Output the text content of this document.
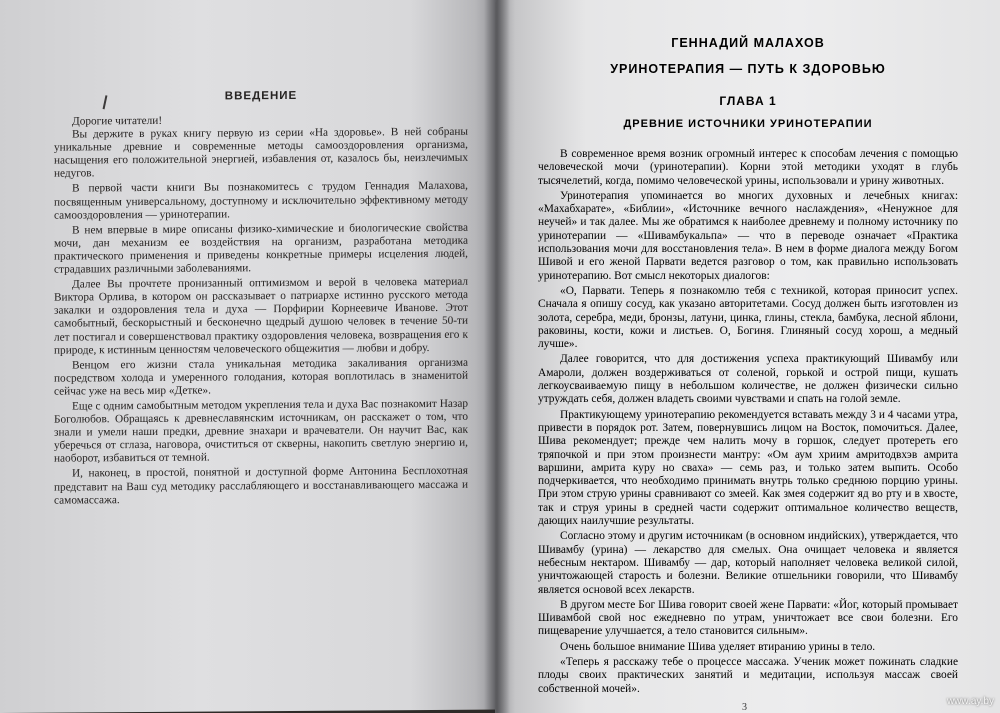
ВВЕДЕНИЕ

Дорогие читатели!

Вы держите в руках книгу первую из серии «На здоровье». В ней собраны уникальные древние и современные методы самооздоровления организма, насыщения его положительной энергией, избавления от, казалось бы, неизлечимых недугов.

В первой части книги Вы познакомитесь с трудом Геннадия Малахова, посвященным универсальному, доступному и исключительно эффективному методу самооздоровления — уринотерапии.

В нем впервые в мире описаны физико-химические и биологические свойства мочи, дан механизм ее воздействия на организм, разработана методика практического применения и приведены конкретные примеры исцеления людей, страдавших различными заболеваниями.

Далее Вы прочтете пронизанный оптимизмом и верой в человека материал Виктора Орлива, в котором он рассказывает о патриархе истинно русского метода закалки и оздоровления тела и духа — Порфирии Корнеевиче Иванове. Этот самобытный, бескорыстный и бесконечно щедрый душою человек в течение 50-ти лет постигал и совершенствовал практику оздоровления человека, возвращения его к природе, к истинным ценностям человеческого общежития — любви и добру.

Венцом его жизни стала уникальная методика закаливания организма посредством холода и умеренного голодания, которая воплотилась в знаменитой сейчас уже на весь мир «Детке».

Еще с одним самобытным методом укрепления тела и духа Вас познакомит Назар Боголюбов. Обращаясь к древнеславянским источникам, он расскажет о том, что знали и умели наши предки, древние знахари и врачеватели. Он научит Вас, как уберечься от сглаза, наговора, очиститься от скверны, накопить светлую энергию и, наоборот, избавиться от темной.

И, наконец, в простой, понятной и доступной форме Антонина Бесплохотная представит на Ваш суд методику расслабляющего и восстанавливающего массажа и самомассажа.

ГЕННАДИЙ МАЛАХОВ

УРИНОТЕРАПИЯ — ПУТЬ К ЗДОРОВЬЮ

ГЛАВА 1

ДРЕВНИЕ ИСТОЧНИКИ УРИНОТЕРАПИИ

В современное время возник огромный интерес к способам лечения с помощью человеческой мочи (уринотерапии). Корни этой методики уходят в глубь тысячелетий, когда, помимо человеческой урины, использовали и урину животных.

Уринотерапия упоминается во многих духовных и лечебных книгах: «Махабхарате», «Библии», «Источнике вечного наслаждения», «Ненужное для неучей» и так далее. Мы же обратимся к наиболее древнему и полному источнику по уринотерапии — «Шивамбукальпа» — что в переводе означает «Практика использования мочи для восстановления тела». В нем в форме диалога между Богом Шивой и его женой Парвати ведется разговор о том, как правильно использовать уринотерапию. Вот смысл некоторых диалогов:

«О, Парвати. Теперь я познакомлю тебя с техникой, которая приносит успех. Сначала я опишу сосуд, как указано авторитетами. Сосуд должен быть изготовлен из золота, серебра, меди, бронзы, латуни, цинка, глины, стекла, бамбука, лесной яблони, раковины, кости, кожи и листьев. О, Богиня. Глиняный сосуд хорош, а медный лучше».

Далее говорится, что для достижения успеха практикующий Шивамбу или Амароли, должен воздерживаться от соленой, горькой и острой пищи, кушать легкоусваиваемую пищу в небольшом количестве, не должен физически сильно утруждать себя, должен владеть своими чувствами и спать на голой земле.

Практикующему уринотерапию рекомендуется вставать между 3 и 4 часами утра, привести в порядок рот. Затем, повернувшись лицом на Восток, помочиться. Далее, Шива рекомендует; прежде чем налить мочу в горшок, следует протереть его тряпочкой и при этом произнести мантру: «Ом аум хриим амритодвхэв амрита варшини, амрита куру но сваха» — семь раз, и только затем выпить. Особо подчеркивается, что необходимо принимать внутрь только среднюю порцию урины. При этом струю урины сравнивают со змеей. Как змея содержит яд во рту и в хвосте, так и струя урины в средней части содержит оптимальное количество веществ, дающих наилучшие результаты.

Согласно этому и другим источникам (в основном индийских), утверждается, что Шивамбу (урина) — лекарство для смелых. Она очищает человека и является небесным нектаром. Шивамбу — дар, который наполняет человека великой силой, уничтожающей старость и болезни. Великие отшельники говорили, что Шивамбу является основой всех лекарств.

В другом месте Бог Шива говорит своей жене Парвати: «Йог, который промывает Шивамбой свой нос ежедневно по утрам, уничтожает все свои болезни. Его пищеварение улучшается, а тело становится сильным».

Очень большое внимание Шива уделяет втиранию урины в тело.

«Теперь я расскажу тебе о процессе массажа. Ученик может пожинать сладкие плоды своих практических занятий и медитации, используя массаж своей собственной мочей».

3
www.ay.by
